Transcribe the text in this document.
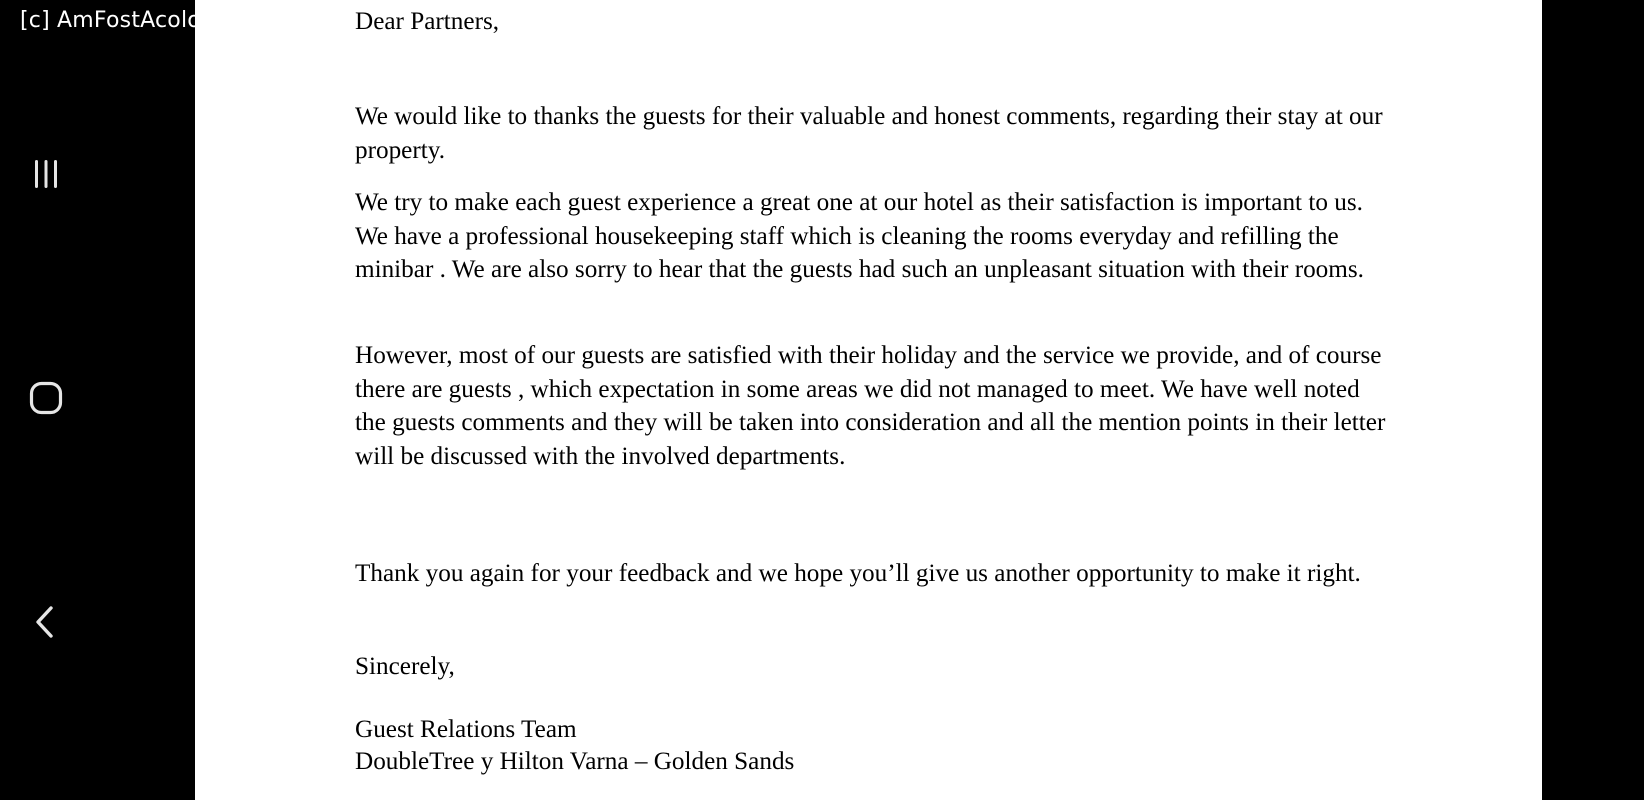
Dear Partners,

We would like to thanks the guests for their valuable and honest comments, regarding their stay at our property.

We try to make each guest experience a great one at our hotel as their satisfaction is important to us. We have a professional housekeeping staff which is cleaning the rooms everyday and refilling the minibar . We are also sorry to hear that the guests had such an unpleasant situation with their rooms.

However, most of our guests are satisfied with their holiday and the service we provide, and of course there are guests , which expectation in some areas we did not managed to meet. We have well noted the guests comments and they will be taken into consideration and all the mention points in their letter will be discussed with the involved departments.

Thank you again for your feedback and we hope you’ll give us another opportunity to make it right.

Sincerely,

Guest Relations Team

DoubleTree y Hilton Varna – Golden Sands

[c] AmFostAcolo®
